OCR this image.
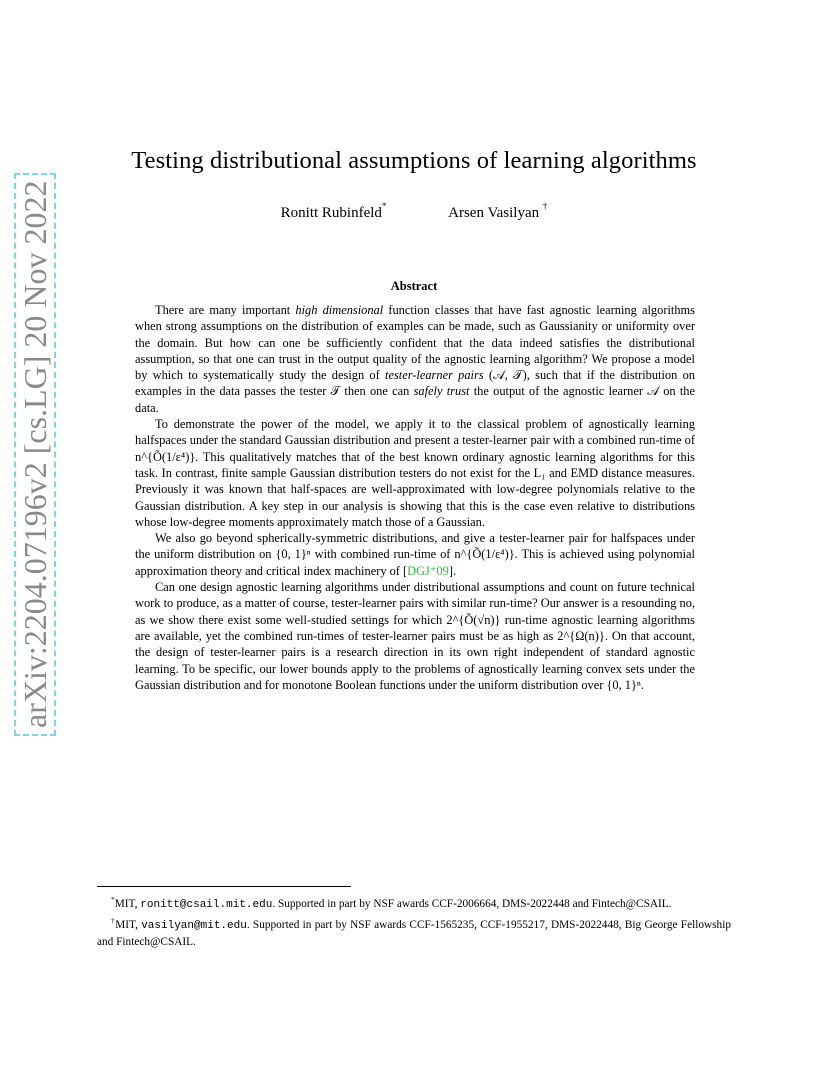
arXiv:2204.07196v2 [cs.LG] 20 Nov 2022
Testing distributional assumptions of learning algorithms
Ronitt Rubinfeld*	Arsen Vasilyan †
Abstract

There are many important high dimensional function classes that have fast agnostic learning algorithms when strong assumptions on the distribution of examples can be made, such as Gaussianity or uniformity over the domain. But how can one be sufficiently confident that the data indeed satisfies the distributional assumption, so that one can trust in the output quality of the agnostic learning algorithm? We propose a model by which to systematically study the design of tester-learner pairs (𝒜, 𝒯), such that if the distribution on examples in the data passes the tester 𝒯 then one can safely trust the output of the agnostic learner 𝒜 on the data.

To demonstrate the power of the model, we apply it to the classical problem of agnostically learning halfspaces under the standard Gaussian distribution and present a tester-learner pair with a combined run-time of n^{Õ(1/ε⁴)}. This qualitatively matches that of the best known ordinary agnostic learning algorithms for this task. In contrast, finite sample Gaussian distribution testers do not exist for the L₁ and EMD distance measures. Previously it was known that half-spaces are well-approximated with low-degree polynomials relative to the Gaussian distribution. A key step in our analysis is showing that this is the case even relative to distributions whose low-degree moments approximately match those of a Gaussian.

We also go beyond spherically-symmetric distributions, and give a tester-learner pair for halfspaces under the uniform distribution on {0, 1}ⁿ with combined run-time of n^{Õ(1/ε⁴)}. This is achieved using polynomial approximation theory and critical index machinery of [DGJ⁺09].

Can one design agnostic learning algorithms under distributional assumptions and count on future technical work to produce, as a matter of course, tester-learner pairs with similar run-time? Our answer is a resounding no, as we show there exist some well-studied settings for which 2^{Õ(√n)} run-time agnostic learning algorithms are available, yet the combined run-times of tester-learner pairs must be as high as 2^{Ω(n)}. On that account, the design of tester-learner pairs is a research direction in its own right independent of standard agnostic learning. To be specific, our lower bounds apply to the problems of agnostically learning convex sets under the Gaussian distribution and for monotone Boolean functions under the uniform distribution over {0, 1}ⁿ.

*MIT, ronitt@csail.mit.edu. Supported in part by NSF awards CCF-2006664, DMS-2022448 and Fintech@CSAIL.

†MIT, vasilyan@mit.edu. Supported in part by NSF awards CCF-1565235, CCF-1955217, DMS-2022448, Big George Fellowship and Fintech@CSAIL.
